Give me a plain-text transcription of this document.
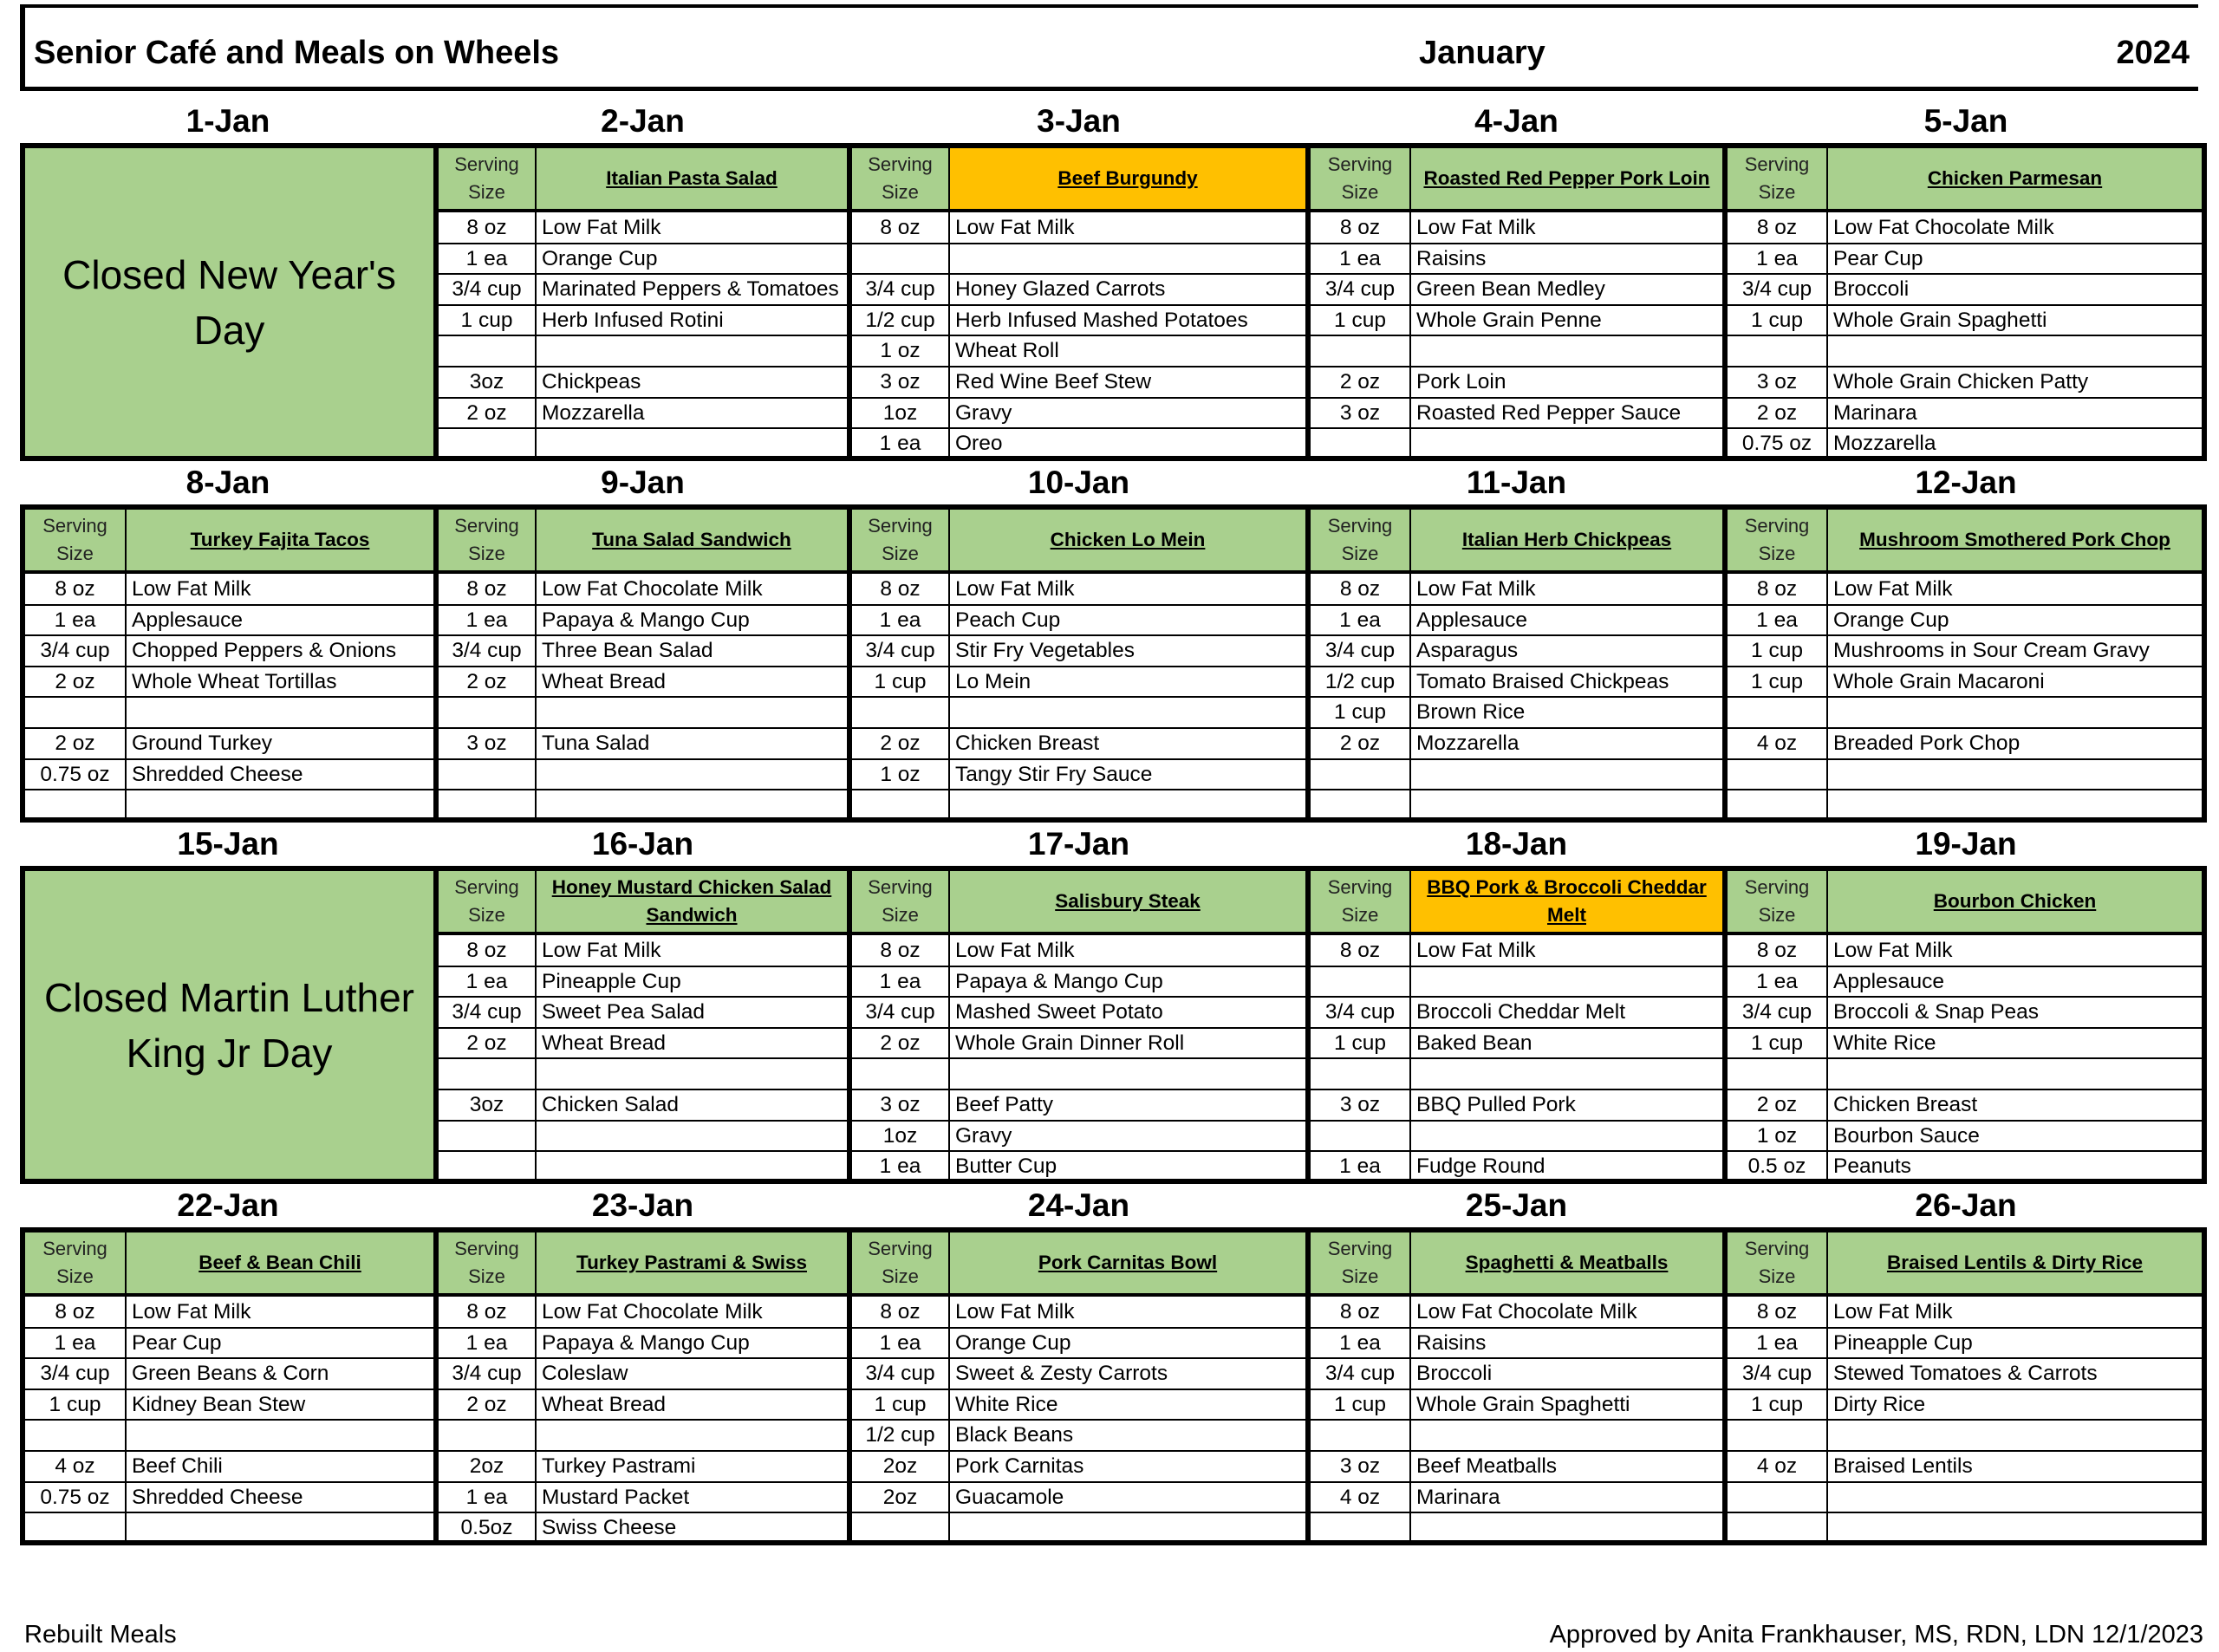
Senior Café and Meals on Wheels	January	2024
1-Jan
Closed New Year's Day
2-Jan
Serving Size
Italian Pasta Salad
8 oz	Low Fat Milk
1 ea	Orange Cup
3/4 cup Marinated Peppers & Tomatoes
1 cup	Herb Infused Rotini
3oz	Chickpeas
2 oz	Mozzarella
3-Jan
Serving Size
Beef Burgundy
8 oz	Low Fat Milk
3/4 cup Honey Glazed Carrots
1/2 cup Herb Infused Mashed Potatoes
1 oz	Wheat Roll
3 oz	Red Wine Beef Stew
1oz	Gravy
1 ea	Oreo
4-Jan
Serving Size
Roasted Red Pepper Pork Loin
8 oz	Low Fat Milk
1 ea	Raisins
3/4 cup	Green Bean Medley
1 cup	Whole Grain Penne
2 oz	Pork Loin
3 oz	Roasted Red Pepper Sauce
5-Jan
Serving Size
Chicken Parmesan
8 oz	Low Fat Chocolate Milk
1 ea	Pear Cup
3/4 cup	Broccoli
1 cup	Whole Grain Spaghetti
3 oz	Whole Grain Chicken Patty
2 oz	Marinara
0.75 oz	Mozzarella
8-Jan
Serving Size
Turkey Fajita Tacos
8 oz	Low Fat Milk
1 ea	Applesauce
3/4 cup	Chopped Peppers & Onions
2 oz	Whole Wheat Tortillas
2 oz	Ground Turkey
0.75 oz	Shredded Cheese
9-Jan
Serving Size
Tuna Salad Sandwich
8 oz	Low Fat Chocolate Milk
1 ea	Papaya & Mango Cup
3/4 cup Three Bean Salad
2 oz	Wheat Bread
3 oz	Tuna Salad
10-Jan
Serving Size
Chicken Lo Mein
8 oz	Low Fat Milk
1 ea	Peach Cup
3/4 cup Stir Fry Vegetables
1 cup	Lo Mein
2 oz	Chicken Breast
1 oz	Tangy Stir Fry Sauce
11-Jan
Serving Size
Italian Herb Chickpeas
8 oz	Low Fat Milk
1 ea	Applesauce
3/4 cup	Asparagus
1/2 cup	Tomato Braised Chickpeas
1 cup	Brown Rice
2 oz	Mozzarella
12-Jan
Serving Size
Mushroom Smothered Pork Chop
8 oz	Low Fat Milk
1 ea	Orange Cup
1 cup	Mushrooms in Sour Cream Gravy
1 cup	Whole Grain Macaroni
4 oz	Breaded Pork Chop
15-Jan
Closed Martin Luther King Jr Day
16-Jan
Serving Size
Honey Mustard Chicken Salad Sandwich
8 oz	Low Fat Milk
1 ea	Pineapple Cup
3/4 cup Sweet Pea Salad
2 oz	Wheat Bread
3oz	Chicken Salad
17-Jan
Serving Size
Salisbury Steak
8 oz	Low Fat Milk
1 ea	Papaya & Mango Cup
3/4 cup Mashed Sweet Potato
2 oz	Whole Grain Dinner Roll
3 oz	Beef Patty
1oz	Gravy
1 ea	Butter Cup
18-Jan
Serving Size
BBQ Pork & Broccoli Cheddar Melt
8 oz	Low Fat Milk
3/4 cup	Broccoli Cheddar Melt
1 cup	Baked Bean
3 oz	BBQ Pulled Pork
1 ea	Fudge Round
19-Jan
Serving Size
Bourbon Chicken
8 oz	Low Fat Milk
1 ea	Applesauce
3/4 cup	Broccoli & Snap Peas
1 cup	White Rice
2 oz	Chicken Breast
1 oz	Bourbon Sauce
0.5 oz	Peanuts
22-Jan
Serving Size
Beef & Bean Chili
8 oz	Low Fat Milk
1 ea	Pear Cup
3/4 cup	Green Beans & Corn
1 cup	Kidney Bean Stew
4 oz	Beef Chili
0.75 oz	Shredded Cheese
23-Jan
Serving Size
Turkey Pastrami & Swiss
8 oz	Low Fat Chocolate Milk
1 ea	Papaya & Mango Cup
3/4 cup Coleslaw
2 oz	Wheat Bread
2oz	Turkey Pastrami
1 ea	Mustard Packet
0.5oz	Swiss Cheese
24-Jan
Serving Size
Pork Carnitas Bowl
8 oz	Low Fat Milk
1 ea	Orange Cup
3/4 cup Sweet & Zesty Carrots
1 cup	White Rice
1/2 cup Black Beans
2oz	Pork Carnitas
2oz	Guacamole
25-Jan
Serving Size
Spaghetti & Meatballs
8 oz	Low Fat Chocolate Milk
1 ea	Raisins
3/4 cup	Broccoli
1 cup	Whole Grain Spaghetti
3 oz	Beef Meatballs
4 oz	Marinara
26-Jan
Serving Size
Braised Lentils & Dirty Rice
8 oz	Low Fat Milk
1 ea	Pineapple Cup
3/4 cup	Stewed Tomatoes & Carrots
1 cup	Dirty Rice
4 oz	Braised Lentils
Rebuilt Meals	Approved by Anita Frankhauser, MS, RDN, LDN 12/1/2023
